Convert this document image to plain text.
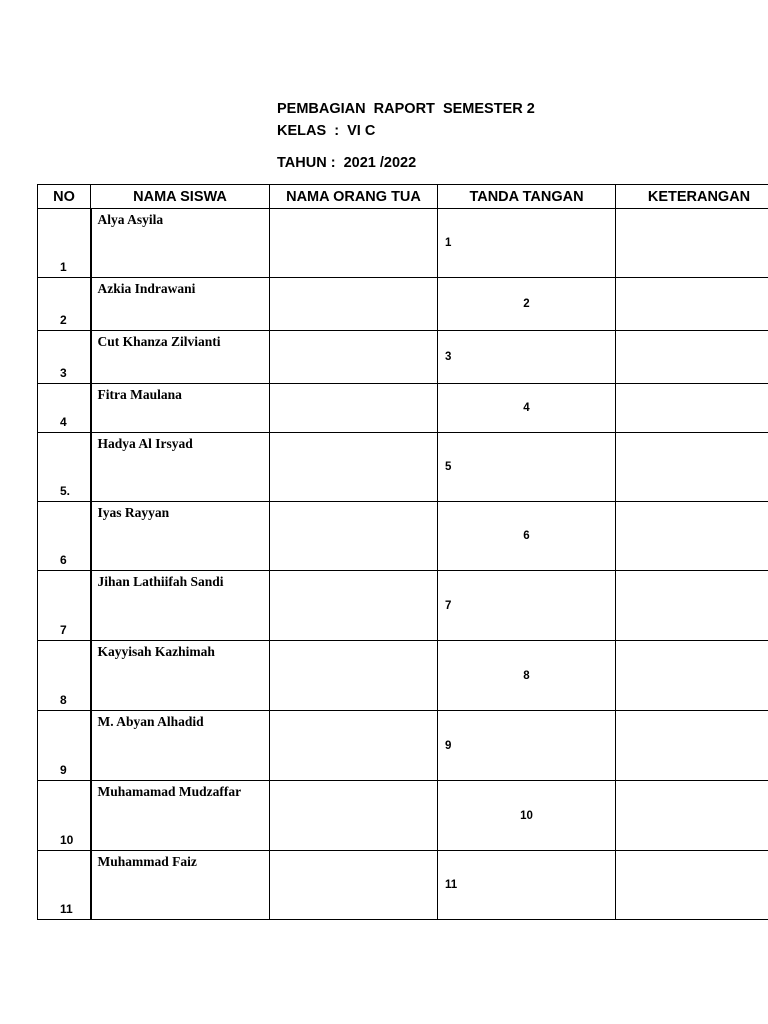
PEMBAGIAN  RAPORT  SEMESTER 2
KELAS  :  VI C
TAHUN :  2021 /2022
NO	NAMA SISWA	NAMA ORANG TUA	TANDA TANGAN	KETERANGAN

1	Alya Asyila		1	

2	Azkia Indrawani		2	

3	Cut Khanza Zilvianti		3	

4	Fitra Maulana		4	

5.	Hadya Al Irsyad		5	

6	Iyas Rayyan		6	

7	Jihan Lathiifah Sandi		7	

8	Kayyisah Kazhimah		8	

9	M. Abyan Alhadid		9	

10	Muhamamad Mudzaffar		10	

11	Muhammad Faiz		11	
